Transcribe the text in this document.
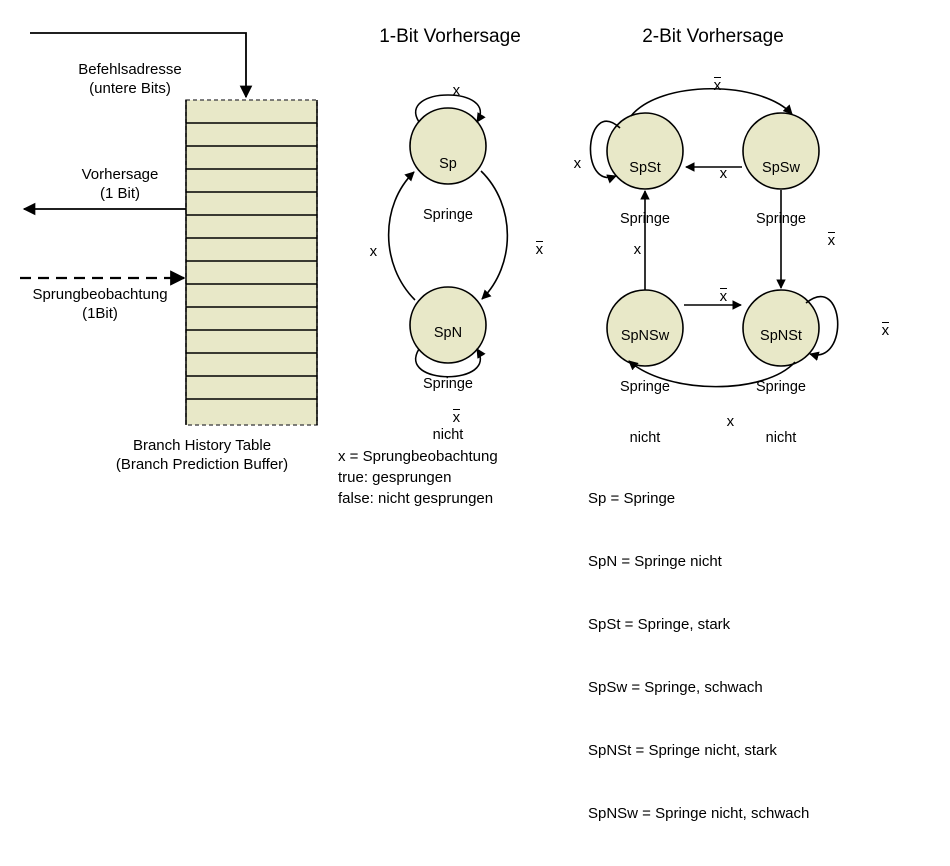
1-Bit Vorhersage	2-Bit Vorhersage
Befehlsadresse
(untere Bits)
Vorhersage
(1 Bit)
Sprungbeobachtung
(1Bit)
Branch History Table
(Branch Prediction Buffer)

Sp

Springe

SpN

Springe

nicht

x

x
	x

x

SpSt

Springe

SpSw

Springe

SpNSw

Springe

nicht

SpNSt

Springe

nicht

x

x

x

x

x

x

x

x

x = Sprungbeobachtung
true: gesprungen
false: nicht gesprungen

	Sp = Springe

SpN = Springe nicht

SpSt = Springe, stark

SpSw = Springe, schwach

SpNSt = Springe nicht, stark

SpNSw = Springe nicht, schwach
